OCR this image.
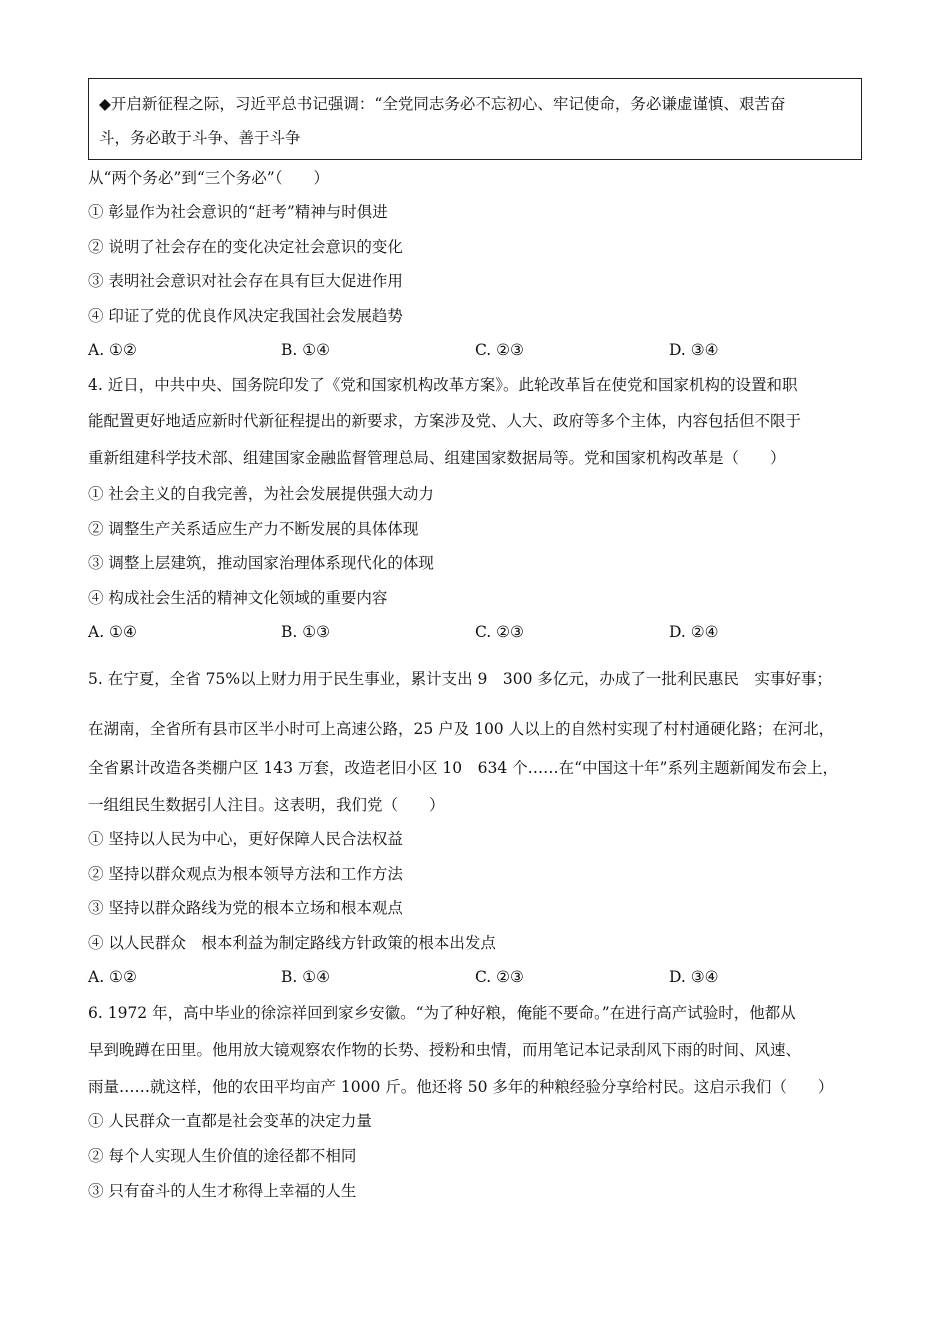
◆开启新征程之际，习近平总书记强调：“全党同志务必不忘初心、牢记使命，务必谦虚谨慎、艰苦奋
斗，务必敢于斗争、善于斗争
从“两个务必”到“三个务必”（　　）
① 彰显作为社会意识的“赶考”精神与时俱进
② 说明了社会存在的变化决定社会意识的变化
③ 表明社会意识对社会存在具有巨大促进作用
④ 印证了党的优良作风决定我国社会发展趋势
A. ①②	B. ①④	C. ②③	D. ③④
4. 近日，中共中央、国务院印发了《党和国家机构改革方案》。此轮改革旨在使党和国家机构的设置和职
能配置更好地适应新时代新征程提出的新要求，方案涉及党、人大、政府等多个主体，内容包括但不限于
重新组建科学技术部、组建国家金融监督管理总局、组建国家数据局等。党和国家机构改革是（　　）
① 社会主义的自我完善，为社会发展提供强大动力
② 调整生产关系适应生产力不断发展的具体体现
③ 调整上层建筑，推动国家治理体系现代化的体现
④ 构成社会生活的精神文化领域的重要内容
A. ①④	B. ①③	C. ②③	D. ②④
5. 在宁夏，全省 75%以上财力用于民生事业，累计支出 9　300 多亿元，办成了一批利民惠民　实事好事；
在湖南，全省所有县市区半小时可上高速公路，25 户及 100 人以上的自然村实现了村村通硬化路；在河北，
全省累计改造各类棚户区 143 万套，改造老旧小区 10　634 个……在“中国这十年”系列主题新闻发布会上，
一组组民生数据引人注目。这表明，我们党（　　）
① 坚持以人民为中心，更好保障人民合法权益
② 坚持以群众观点为根本领导方法和工作方法
③ 坚持以群众路线为党的根本立场和根本观点
④ 以人民群众　根本利益为制定路线方针政策的根本出发点
A. ①②	B. ①④	C. ②③	D. ③④
6. 1972 年，高中毕业的徐淙祥回到家乡安徽。“为了种好粮，俺能不要命。”在进行高产试验时，他都从
早到晚蹲在田里。他用放大镜观察农作物的长势、授粉和虫情，而用笔记本记录刮风下雨的时间、风速、
雨量……就这样，他的农田平均亩产 1000 斤。他还将 50 多年的种粮经验分享给村民。这启示我们（　　）
① 人民群众一直都是社会变革的决定力量
② 每个人实现人生价值的途径都不相同
③ 只有奋斗的人生才称得上幸福的人生
